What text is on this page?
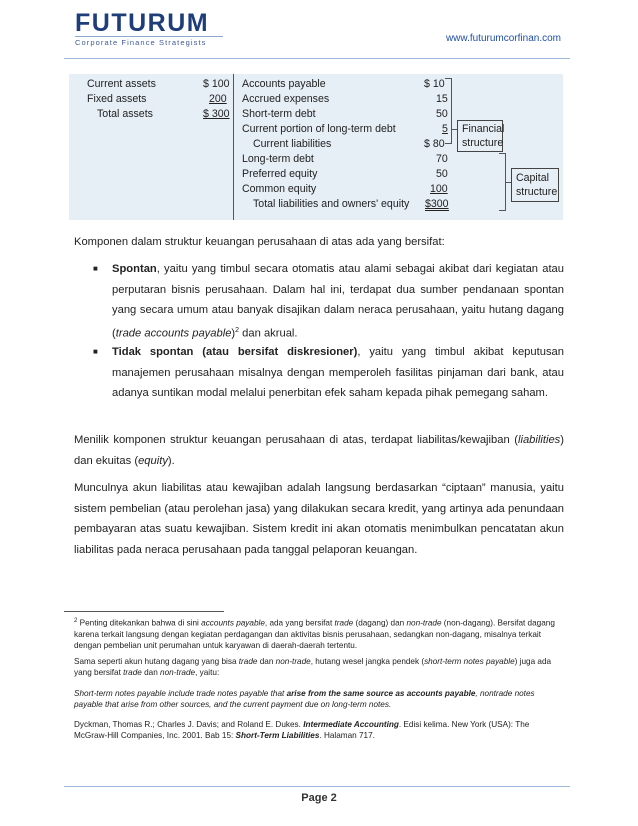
FUTURUM
Corporate Finance Strategists	www.futurumcorfinan.com
Current assets	$ 100
Fixed assets	200
Total assets	$ 300
Accounts payable	$ 10
Accrued expenses	15
Short-term debt	50
Current portion of long-term debt	5
Current liabilities	$ 80
Long-term debt	70
Preferred equity	50
Common equity	100
Total liabilities and owners' equity $300
Financial
structure
Capital
structure
Komponen dalam struktur keuangan perusahaan di atas ada yang bersifat:
■ Spontan, yaitu yang timbul secara otomatis atau alami sebagai akibat dari kegiatan atau perputaran bisnis perusahaan. Dalam hal ini, terdapat dua sumber pendanaan spontan yang secara umum atau banyak disajikan dalam neraca perusahaan, yaitu hutang dagang (trade accounts payable)$^2$ dan akrual.
■ Tidak spontan (atau bersifat diskresioner), yaitu yang timbul akibat keputusan manajemen perusahaan misalnya dengan memperoleh fasilitas pinjaman dari bank, atau adanya suntikan modal melalui penerbitan efek saham kepada pihak pemegang saham.
Menilik komponen struktur keuangan perusahaan di atas, terdapat liabilitas/kewajiban (liabilities) dan ekuitas (equity).
Munculnya akun liabilitas atau kewajiban adalah langsung berdasarkan “ciptaan” manusia, yaitu sistem pembelian (atau perolehan jasa) yang dilakukan secara kredit, yang artinya ada penundaan pembayaran atas suatu kewajiban. Sistem kredit ini akan otomatis menimbulkan pencatatan akun liabilitas pada neraca perusahaan pada tanggal pelaporan keuangan.
$^2$ Penting ditekankan bahwa di sini accounts payable, ada yang bersifat trade (dagang) dan non-trade (non-dagang). Bersifat dagang karena terkait langsung dengan kegiatan perdagangan dan aktivitas bisnis perusahaan, sedangkan non-dagang, misalnya terkait dengan pembelian unit perumahan untuk karyawan di daerah-daerah tertentu.
Sama seperti akun hutang dagang yang bisa trade dan non-trade, hutang wesel jangka pendek (short-term notes payable) juga ada yang bersifat trade dan non-trade, yaitu:
Short-term notes payable include trade notes payable that arise from the same source as accounts payable, nontrade notes payable that arise from other sources, and the current payment due on long-term notes.
Dyckman, Thomas R.; Charles J. Davis; and Roland E. Dukes. Intermediate Accounting. Edisi kelima. New York (USA): The McGraw-Hill Companies, Inc. 2001. Bab 15: Short-Term Liabilities. Halaman 717.
Page 2
